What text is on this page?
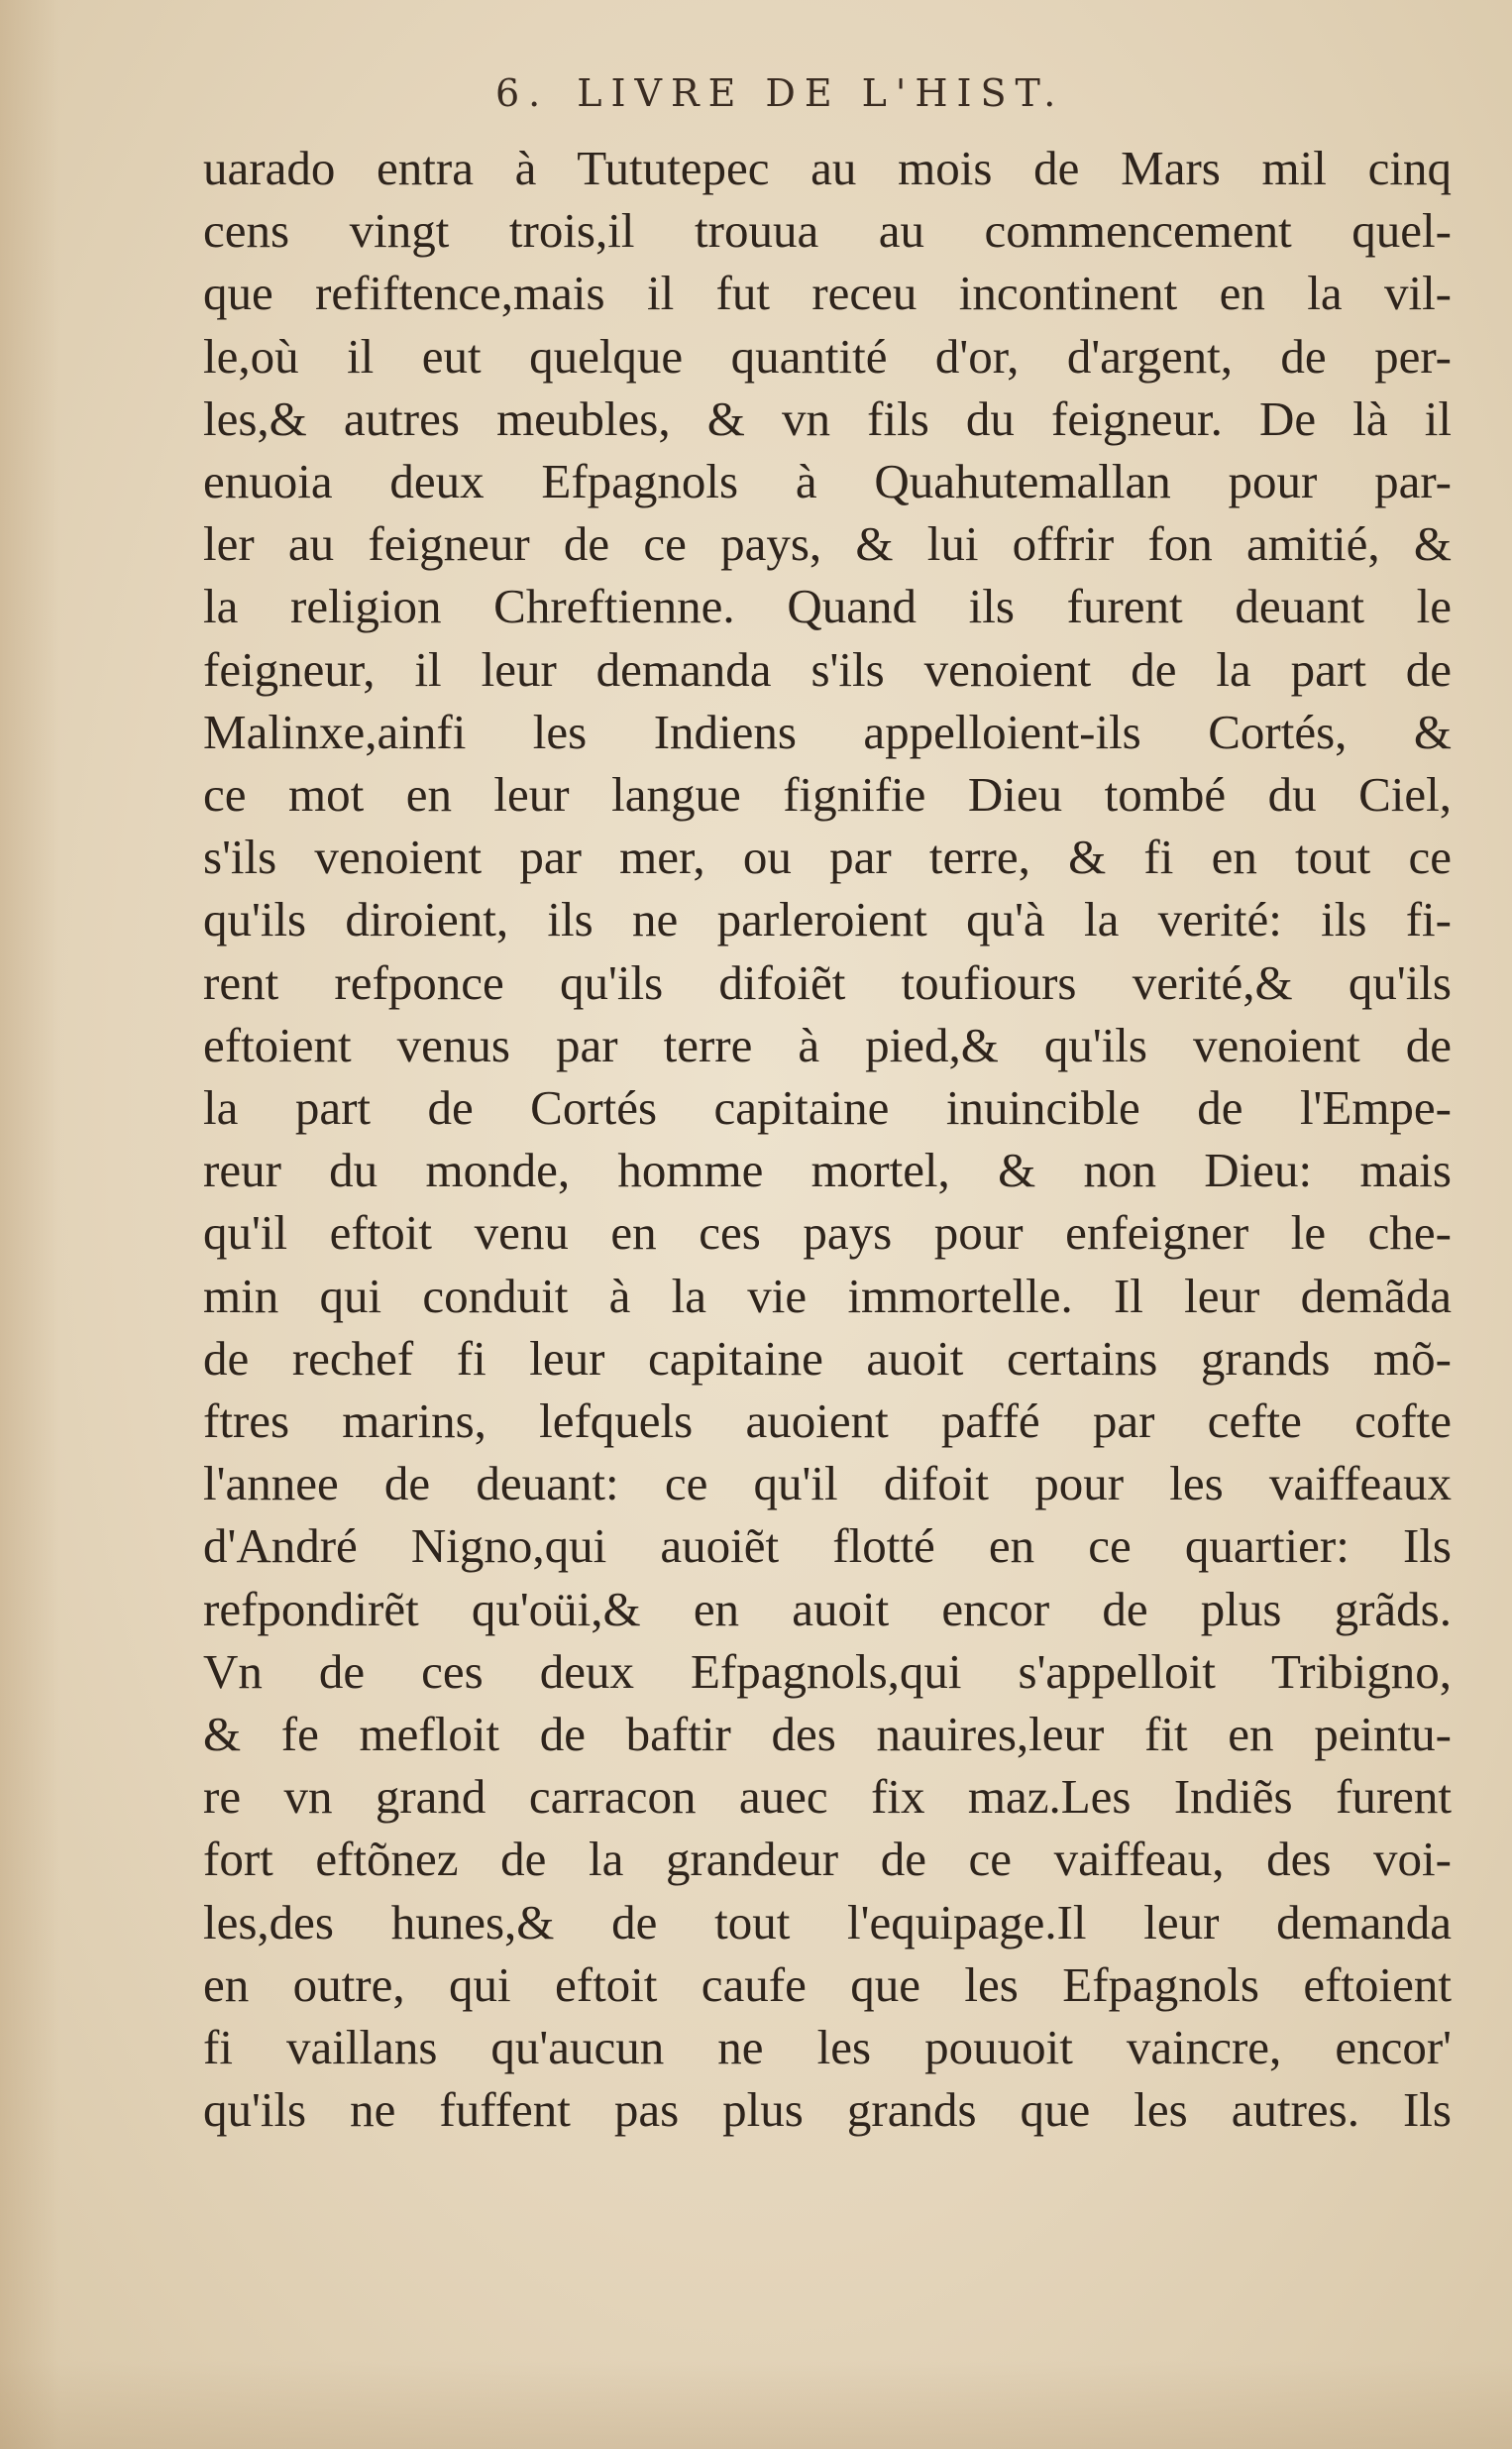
6. LIVRE DE L'HIST.
uarado entra à Tututepec au mois de Mars mil cinq
cens vingt trois,il trouua au commencement quel-
que refiftence,mais il fut receu incontinent en la vil-
le,où il eut quelque quantité d'or, d'argent, de per-
les,& autres meubles, & vn fils du feigneur. De là il
enuoia deux Efpagnols à Quahutemallan pour par-
ler au feigneur de ce pays, & lui offrir fon amitié, &
la religion Chreftienne. Quand ils furent deuant le
feigneur, il leur demanda s'ils venoient de la part de
Malinxe,ainfi les Indiens appelloient-ils Cortés, &
ce mot en leur langue fignifie Dieu tombé du Ciel,
s'ils venoient par mer, ou par terre, & fi en tout ce
qu'ils diroient, ils ne parleroient qu'à la verité: ils fi-
rent refponce qu'ils difoiẽt toufiours verité,& qu'ils
eftoient venus par terre à pied,& qu'ils venoient de
la part de Cortés capitaine inuincible de l'Empe-
reur du monde, homme mortel, & non Dieu: mais
qu'il eftoit venu en ces pays pour enfeigner le che-
min qui conduit à la vie immortelle. Il leur demãda
de rechef fi leur capitaine auoit certains grands mõ-
ftres marins, lefquels auoient paffé par cefte cofte
l'annee de deuant: ce qu'il difoit pour les vaiffeaux
d'André Nigno,qui auoiẽt flotté en ce quartier: Ils
refpondirẽt qu'oüi,& en auoit encor de plus grãds.
Vn de ces deux Efpagnols,qui s'appelloit Tribigno,
& fe mefloit de baftir des nauires,leur fit en peintu-
re vn grand carracon auec fix maz.Les Indiẽs furent
fort eftõnez de la grandeur de ce vaiffeau, des voi-
les,des hunes,& de tout l'equipage.Il leur demanda
en outre, qui eftoit caufe que les Efpagnols eftoient
fi vaillans qu'aucun ne les pouuoit vaincre, encor'
qu'ils ne fuffent pas plus grands que les autres. Ils
